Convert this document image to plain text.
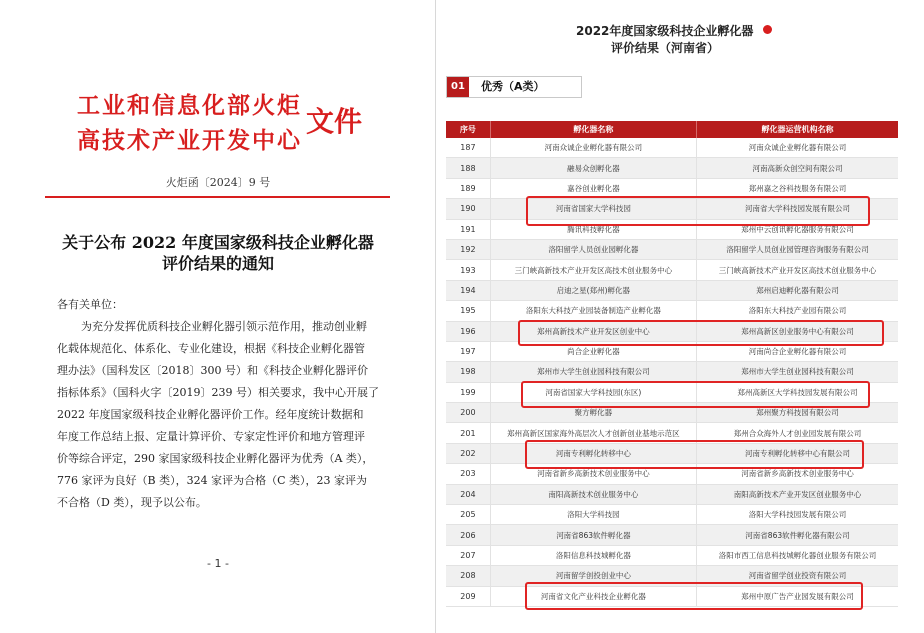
工业和信息化部火炬
高技术产业开发中心
文件
火炬函〔2024〕9 号
关于公布 2022 年度国家级科技企业孵化器
评价结果的通知
各有关单位：
为充分发挥优质科技企业孵化器引领示范作用，推动创业孵
化载体规范化、体系化、专业化建设，根据《科技企业孵化器管
理办法》（国科发区〔2018〕300 号）和《科技企业孵化器评价
指标体系》（国科火字〔2019〕239 号）相关要求，我中心开展了
2022 年度国家级科技企业孵化器评价工作。经年度统计数据和
年度工作总结上报、定量计算评价、专家定性评价和地方管理评
价等综合评定，290 家国家级科技企业孵化器评为优秀（A 类），
776 家评为良好（B 类），324 家评为合格（C 类），23 家评为
不合格（D 类），现予以公布。
- 1 -
2022年度国家级科技企业孵化器
评价结果（河南省）
01	优秀（A类）
序号	孵化器名称	孵化器运营机构名称
187	河南众诚企业孵化器有限公司	河南众诚企业孵化器有限公司
188	融易众创孵化器	河南高新众创空间有限公司
189	嘉谷创业孵化器	郑州嘉之谷科技服务有限公司
190	河南省国家大学科技园	河南省大学科技园发展有限公司
191	腾讯科技孵化器	郑州中云创讯孵化器服务有限公司
192	洛阳留学人员创业园孵化器	洛阳留学人员创业园管理咨询服务有限公司
193	三门峡高新技术产业开发区高技术创业服务中心	三门峡高新技术产业开发区高技术创业服务中心
194	启迪之星(郑州)孵化器	郑州启迪孵化器有限公司
195	洛阳东大科技产业园装备制造产业孵化器	洛阳东大科技产业园有限公司
196	郑州高新技术产业开发区创业中心	郑州高新区创业服务中心有限公司
197	尚合企业孵化器	河南尚合企业孵化器有限公司
198	郑州市大学生创业园科技有限公司	郑州市大学生创业园科技有限公司
199	河南省国家大学科技园(东区)	郑州高新区大学科技园发展有限公司
200	聚方孵化器	郑州聚方科技园有限公司
201	郑州高新区国家海外高层次人才创新创业基地示范区	郑州合众海外人才创业园发展有限公司
202	河南专利孵化转移中心	河南专利孵化转移中心有限公司
203	河南省新乡高新技术创业服务中心	河南省新乡高新技术创业服务中心
204	南阳高新技术创业服务中心	南阳高新技术产业开发区创业服务中心
205	洛阳大学科技园	洛阳大学科技园发展有限公司
206	河南省863软件孵化器	河南省863软件孵化器有限公司
207	洛阳信息科技城孵化器	洛阳市西工信息科技城孵化器创业服务有限公司
208	河南留学创投创业中心	河南省留学创业投资有限公司
209	河南省文化产业科技企业孵化器	郑州中原广告产业园发展有限公司
